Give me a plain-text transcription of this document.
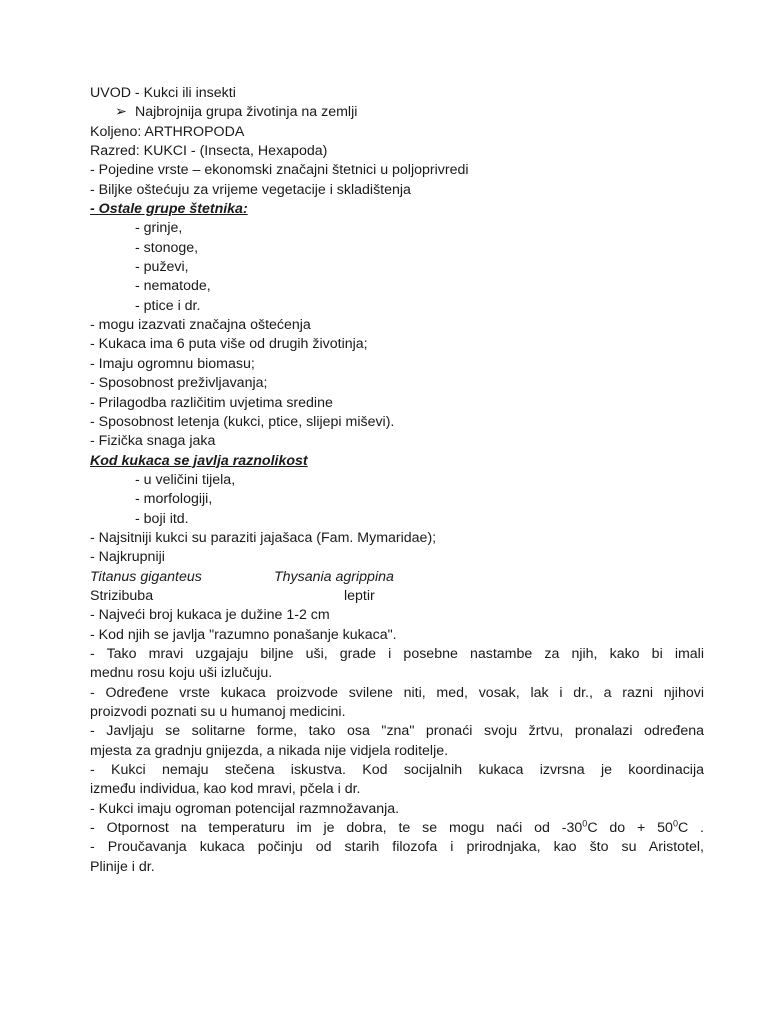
UVOD - Kukci ili insekti
➢ Najbrojnija grupa životinja na zemlji
Koljeno: ARTHROPODA
Razred: KUKCI - (Insecta, Hexapoda)
- Pojedine vrste – ekonomski značajni štetnici u poljoprivredi
- Biljke oštećuju za vrijeme vegetacije i skladištenja
- Ostale grupe štetnika:
- grinje,
- stonoge,
- puževi,
- nematode,
- ptice i dr.
- mogu izazvati značajna oštećenja
- Kukaca ima 6 puta više od drugih životinja;
- Imaju ogromnu biomasu;
- Sposobnost preživljavanja;
- Prilagodba različitim uvjetima sredine
- Sposobnost letenja (kukci, ptice, slijepi miševi).
- Fizička snaga jaka
Kod kukaca se javlja raznolikost
- u veličini tijela,
- morfologiji,
- boji itd.
- Najsitniji kukci su paraziti jajašaca (Fam. Mymaridae);
- Najkrupniji
Titanus giganteus	Thysania agrippina
Strizibuba	leptir
- Najveći broj kukaca je dužine 1-2 cm
- Kod njih se javlja "razumno ponašanje kukaca".
- Tako mravi uzgajaju biljne uši, grade i posebne nastambe za njih, kako bi imali
mednu rosu koju uši izlučuju.
- Određene vrste kukaca proizvode svilene niti, med, vosak, lak i dr., a razni njihovi
proizvodi poznati su u humanoj medicini.
- Javljaju se solitarne forme, tako osa "zna" pronaći svoju žrtvu, pronalazi određena
mjesta za gradnju gnijezda, a nikada nije vidjela roditelje.
- Kukci nemaju stečena iskustva. Kod socijalnih kukaca izvrsna je koordinacija
između individua, kao kod mravi, pčela i dr.
- Kukci imaju ogroman potencijal razmnožavanja.
- Otpornost na temperaturu im je dobra, te se mogu naći od $-30^0C$ do + $50^0C$ .
- Proučavanja kukaca počinju od starih filozofa i prirodnjaka, kao što su Aristotel,
Plinije i dr.
